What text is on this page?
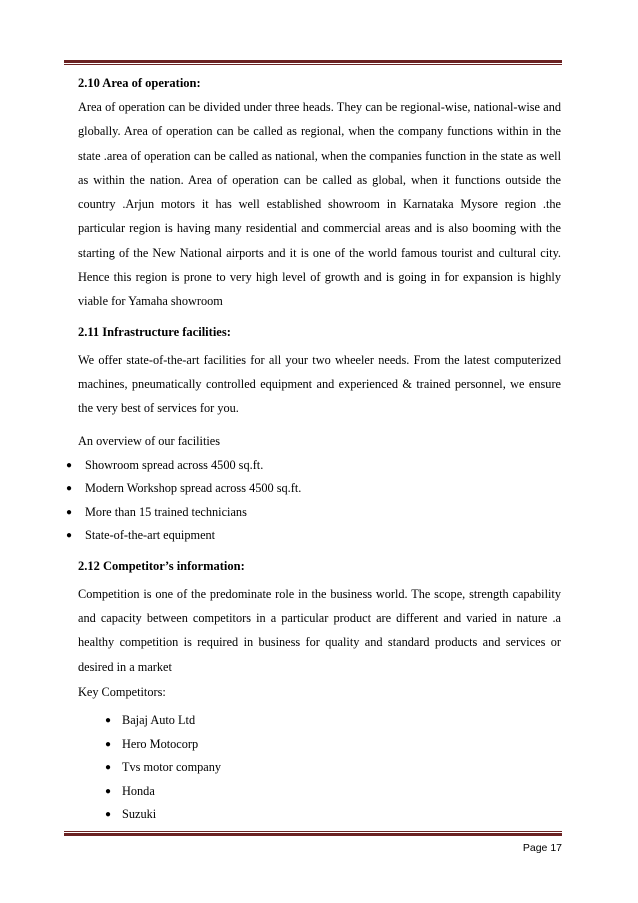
2.10 Area of operation:

Area of operation can be divided under three heads. They can be regional-wise, national-wise and globally. Area of operation can be called as regional, when the company functions within in the state .area of operation can be called as national, when the companies function in the state as well as within the nation. Area of operation can be called as global, when it functions outside the country .Arjun motors it has well established showroom in Karnataka Mysore region .the particular region is having many residential and commercial areas and is also booming with the starting of the New National airports and it is one of the world famous tourist and cultural city. Hence this region is prone to very high level of growth and is going in for expansion is highly viable for Yamaha showroom

2.11 Infrastructure facilities:

We offer state-of-the-art facilities for all your two wheeler needs. From the latest computerized machines, pneumatically controlled equipment and experienced & trained personnel, we ensure the very best of services for you.

An overview of our facilities

● Showroom spread across 4500 sq.ft.
● Modern Workshop spread across 4500 sq.ft.
● More than 15 trained technicians
● State-of-the-art equipment
2.12 Competitor’s information:

Competition is one of the predominate role in the business world. The scope, strength capability and capacity between competitors in a particular product are different and varied in nature .a healthy competition is required in business for quality and standard products and services or desired in a market

Key Competitors:

● Bajaj Auto Ltd
● Hero Motocorp
● Tvs motor company
● Honda
● Suzuki
Page 17
